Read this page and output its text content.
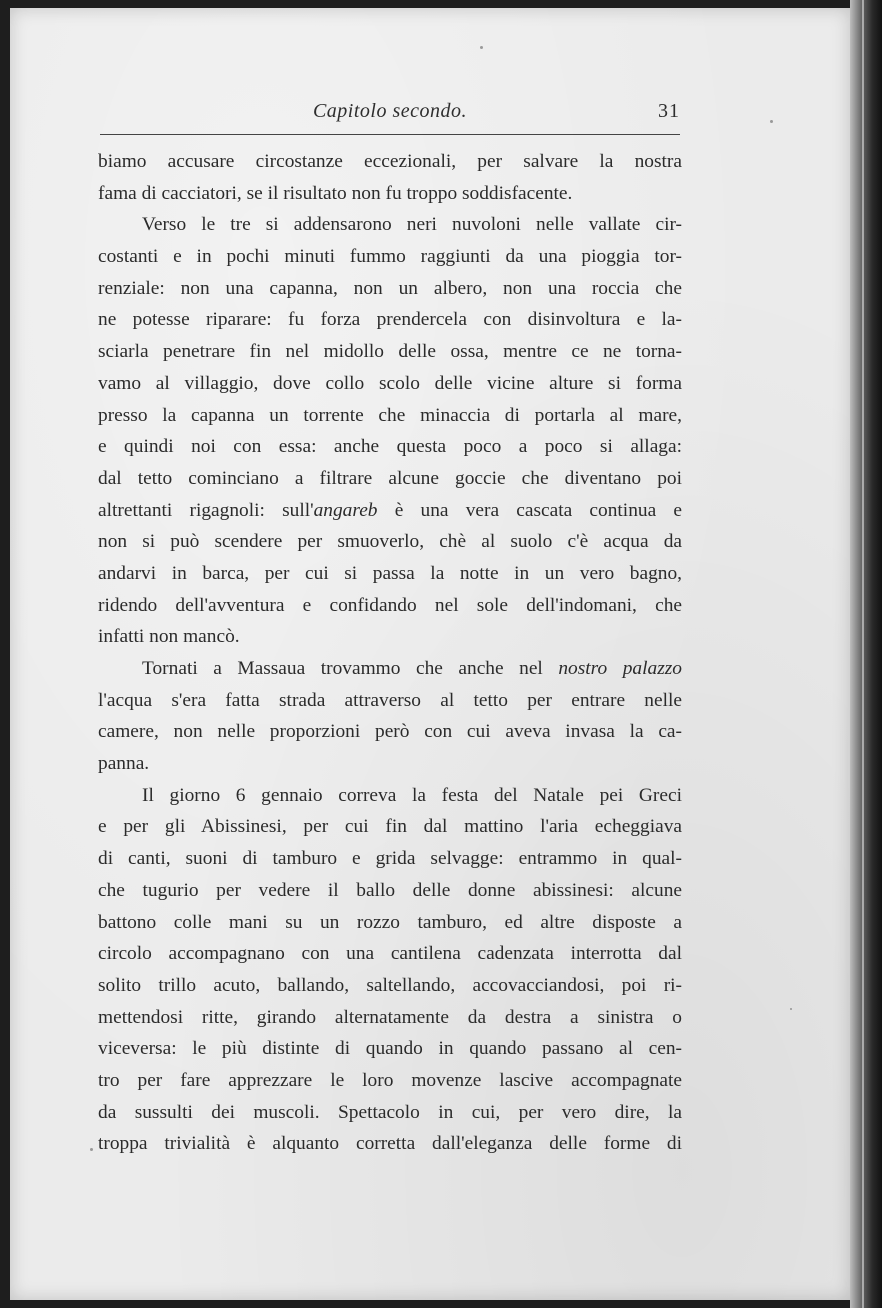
Capitolo secondo.	31
biamo accusare circostanze eccezionali, per salvare la nostra
fama di cacciatori, se il risultato non fu troppo soddisfacente.
Verso le tre si addensarono neri nuvoloni nelle vallate cir-
costanti e in pochi minuti fummo raggiunti da una pioggia tor-
renziale: non una capanna, non un albero, non una roccia che
ne potesse riparare: fu forza prendercela con disinvoltura e la-
sciarla penetrare fin nel midollo delle ossa, mentre ce ne torna-
vamo al villaggio, dove collo scolo delle vicine alture si forma
presso la capanna un torrente che minaccia di portarla al mare,
e quindi noi con essa: anche questa poco a poco si allaga:
dal tetto cominciano a filtrare alcune goccie che diventano poi
altrettanti rigagnoli: sull'angareb è una vera cascata continua e
non si può scendere per smuoverlo, chè al suolo c'è acqua da
andarvi in barca, per cui si passa la notte in un vero bagno,
ridendo dell'avventura e confidando nel sole dell'indomani, che
infatti non mancò.
Tornati a Massaua trovammo che anche nel nostro palazzo
l'acqua s'era fatta strada attraverso al tetto per entrare nelle
camere, non nelle proporzioni però con cui aveva invasa la ca-
panna.
Il giorno 6 gennaio correva la festa del Natale pei Greci
e per gli Abissinesi, per cui fin dal mattino l'aria echeggiava
di canti, suoni di tamburo e grida selvagge: entrammo in qual-
che tugurio per vedere il ballo delle donne abissinesi: alcune
battono colle mani su un rozzo tamburo, ed altre disposte a
circolo accompagnano con una cantilena cadenzata interrotta dal
solito trillo acuto, ballando, saltellando, accovacciandosi, poi ri-
mettendosi ritte, girando alternatamente da destra a sinistra o
viceversa: le più distinte di quando in quando passano al cen-
tro per fare apprezzare le loro movenze lascive accompagnate
da sussulti dei muscoli. Spettacolo in cui, per vero dire, la
troppa trivialità è alquanto corretta dall'eleganza delle forme di
